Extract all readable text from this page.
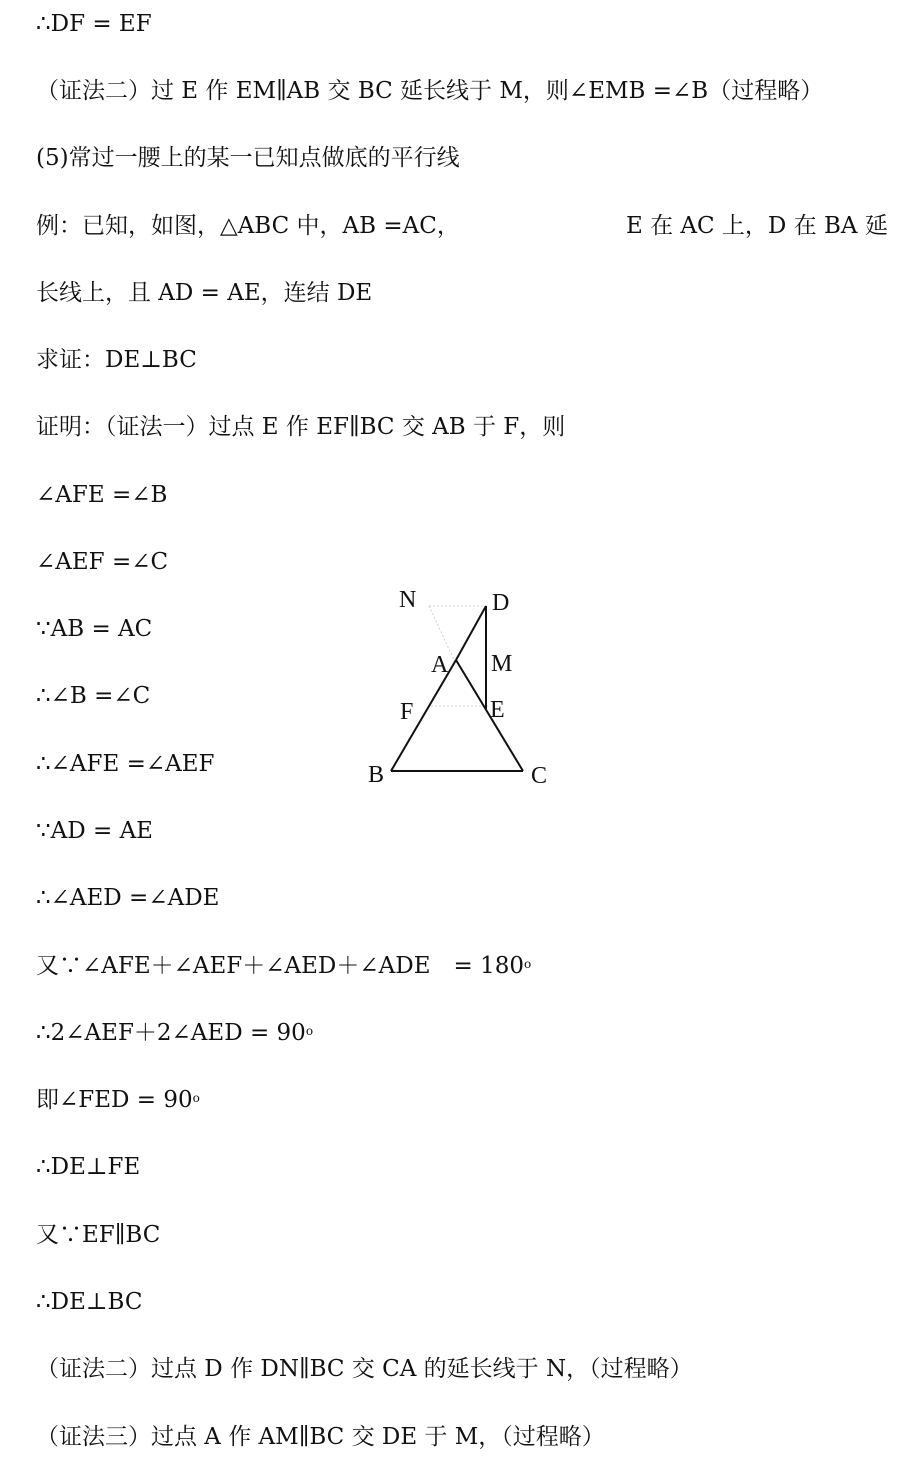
∴DF = EF
（证法二）过 E 作 EM∥AB 交 BC 延长线于 M，则∠EMB =∠B（过程略）
(5)常过一腰上的某一已知点做底的平行线
例：已知，如图，△ABC 中，AB =AC，	E 在 AC 上，D 在 BA 延
长线上，且 AD = AE，连结 DE
求证：DE⊥BC
证明：（证法一）过点 E 作 EF∥BC 交 AB 于 F，则
∠AFE =∠B
∠AEF =∠C
∵AB = AC
∴∠B =∠C
∴∠AFE =∠AEF
∵AD = AE
∴∠AED =∠ADE
又∵∠AFE＋∠AEF＋∠AED＋∠ADE　= $180^o$
∴2∠AEF＋2∠AED = $90^o$
即∠FED = $90^o$
∴DE⊥FE
又∵EF∥BC
∴DE⊥BC
（证法二）过点 D 作 DN∥BC 交 CA 的延长线于 N，（过程略）
（证法三）过点 A 作 AM∥BC 交 DE 于 M，（过程略）
N	D
A M
F	E
B	C
